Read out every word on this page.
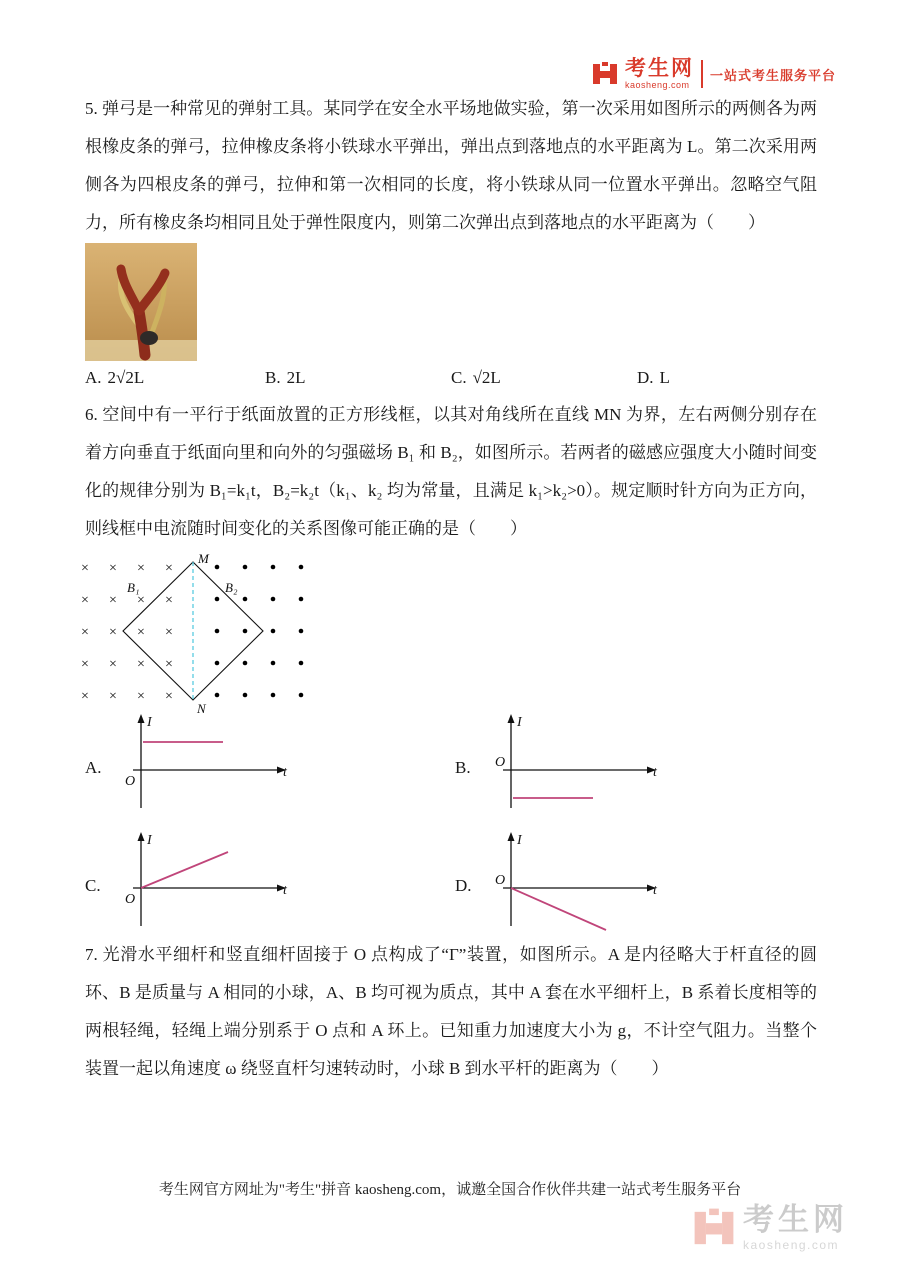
考生网
kaosheng.com
一站式考生服务平台
5. 弹弓是一种常见的弹射工具。某同学在安全水平场地做实验，第一次采用如图所示的两侧各为两根橡皮条的弹弓，拉伸橡皮条将小铁球水平弹出，弹出点到落地点的水平距离为 L。第二次采用两侧各为四根皮条的弹弓，拉伸和第一次相同的长度，将小铁球从同一位置水平弹出。忽略空气阻力，所有橡皮条均相同且处于弹性限度内，则第二次弹出点到落地点的水平距离为（　　）
A. 2√2L	B. 2L	C. √2L	D. L
6. 空间中有一平行于纸面放置的正方形线框，以其对角线所在直线 MN 为界，左右两侧分别存在着方向垂直于纸面向里和向外的匀强磁场 B₁ 和 B₂，如图所示。若两者的磁感应强度大小随时间变化的规律分别为 B₁=k₁t，B₂=k₂t（k₁、k₂ 均为常量，且满足 k₁>k₂>0）。规定顺时针方向为正方向，则线框中电流随时间变化的关系图像可能正确的是（　　）
× × × ×
× × × ×
× × × ×
× × × ×
× × × ×
M
N
B₁	B₂
A.
I
t
O
B.
I
t
O
C.
I
t
O
D.
I
t
O
7. 光滑水平细杆和竖直细杆固接于 O 点构成了“Γ”装置，如图所示。A 是内径略大于杆直径的圆环、B 是质量与 A 相同的小球，A、B 均可视为质点，其中 A 套在水平细杆上，B 系着长度相等的两根轻绳，轻绳上端分别系于 O 点和 A 环上。已知重力加速度大小为 g，不计空气阻力。当整个装置一起以角速度 ω 绕竖直杆匀速转动时，小球 B 到水平杆的距离为（　　）
考生网官方网址为"考生"拼音 kaosheng.com，诚邀全国合作伙伴共建一站式考生服务平台
考生网
kaosheng.com
